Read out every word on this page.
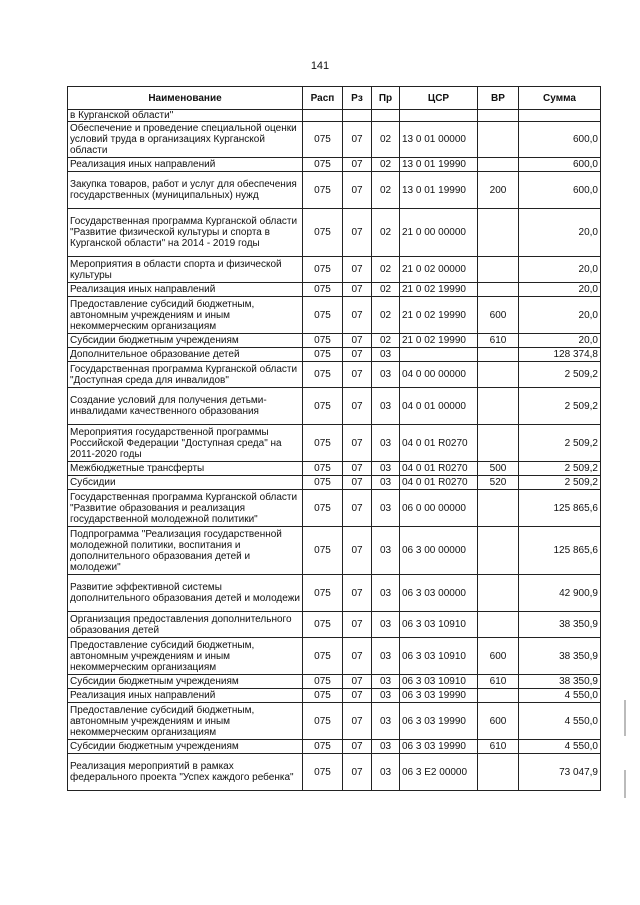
141
Наименование	Расп	Рз	Пр	ЦСР	ВР	Сумма
в Курганской области"						
Обеспечение и проведение специальной оценки условий труда в организациях Курганской области	075	07	02	13 0 01 00000		600,0
Реализация иных направлений	075	07	02	13 0 01 19990		600,0
Закупка товаров, работ и услуг для обеспечения государственных (муниципальных) нужд	075	07	02	13 0 01 19990	200	600,0
Государственная программа Курганской области "Развитие физической культуры и спорта в Курганской области" на 2014 - 2019 годы	075	07	02	21 0 00 00000		20,0
Мероприятия в области спорта и физической культуры	075	07	02	21 0 02 00000		20,0
Реализация иных направлений	075	07	02	21 0 02 19990		20,0
Предоставление субсидий бюджетным, автономным учреждениям и иным некоммерческим организациям	075	07	02	21 0 02 19990	600	20,0
Субсидии бюджетным учреждениям	075	07	02	21 0 02 19990	610	20,0
Дополнительное образование детей	075	07	03			128 374,8
Государственная программа Курганской области "Доступная среда для инвалидов"	075	07	03	04 0 00 00000		2 509,2
Создание условий для получения детьми-инвалидами качественного образования	075	07	03	04 0 01 00000		2 509,2
Мероприятия государственной программы Российской Федерации "Доступная среда" на 2011-2020 годы	075	07	03	04 0 01 R0270		2 509,2
Межбюджетные трансферты	075	07	03	04 0 01 R0270	500	2 509,2
Субсидии	075	07	03	04 0 01 R0270	520	2 509,2
Государственная программа Курганской области "Развитие образования и реализация государственной молодежной политики"	075	07	03	06 0 00 00000		125 865,6
Подпрограмма "Реализация государственной молодежной политики, воспитания и дополнительного образования детей и молодежи"	075	07	03	06 3 00 00000		125 865,6
Развитие эффективной системы дополнительного образования детей и молодежи	075	07	03	06 3 03 00000		42 900,9
Организация предоставления дополнительного образования детей	075	07	03	06 3 03 10910		38 350,9
Предоставление субсидий бюджетным, автономным учреждениям и иным некоммерческим организациям	075	07	03	06 3 03 10910	600	38 350,9
Субсидии бюджетным учреждениям	075	07	03	06 3 03 10910	610	38 350,9
Реализация иных направлений	075	07	03	06 3 03 19990		4 550,0
Предоставление субсидий бюджетным, автономным учреждениям и иным некоммерческим организациям	075	07	03	06 3 03 19990	600	4 550,0
Субсидии бюджетным учреждениям	075	07	03	06 3 03 19990	610	4 550,0
Реализация мероприятий в рамках федерального проекта "Успех каждого ребенка"	075	07	03	06 3 E2 00000		73 047,9
